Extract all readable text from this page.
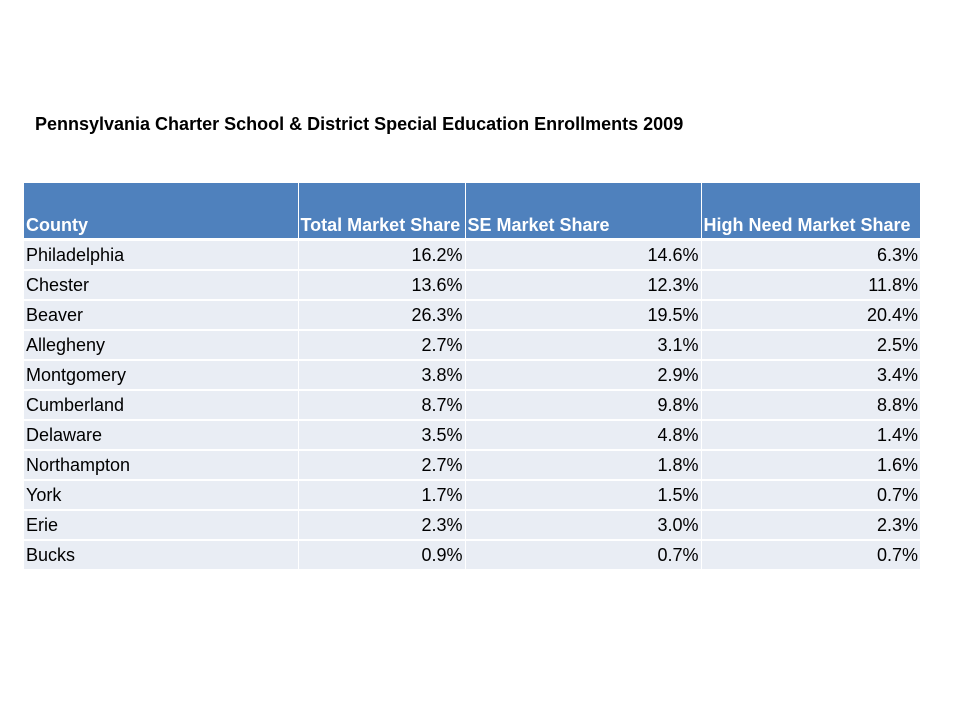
Pennsylvania Charter School & District Special Education Enrollments 2009
County	Total Market Share	SE Market Share	High Need Market Share
Philadelphia	16.2%	14.6%	6.3%
Chester	13.6%	12.3%	11.8%
Beaver	26.3%	19.5%	20.4%
Allegheny	2.7%	3.1%	2.5%
Montgomery	3.8%	2.9%	3.4%
Cumberland	8.7%	9.8%	8.8%
Delaware	3.5%	4.8%	1.4%
Northampton	2.7%	1.8%	1.6%
York	1.7%	1.5%	0.7%
Erie	2.3%	3.0%	2.3%
Bucks	0.9%	0.7%	0.7%
